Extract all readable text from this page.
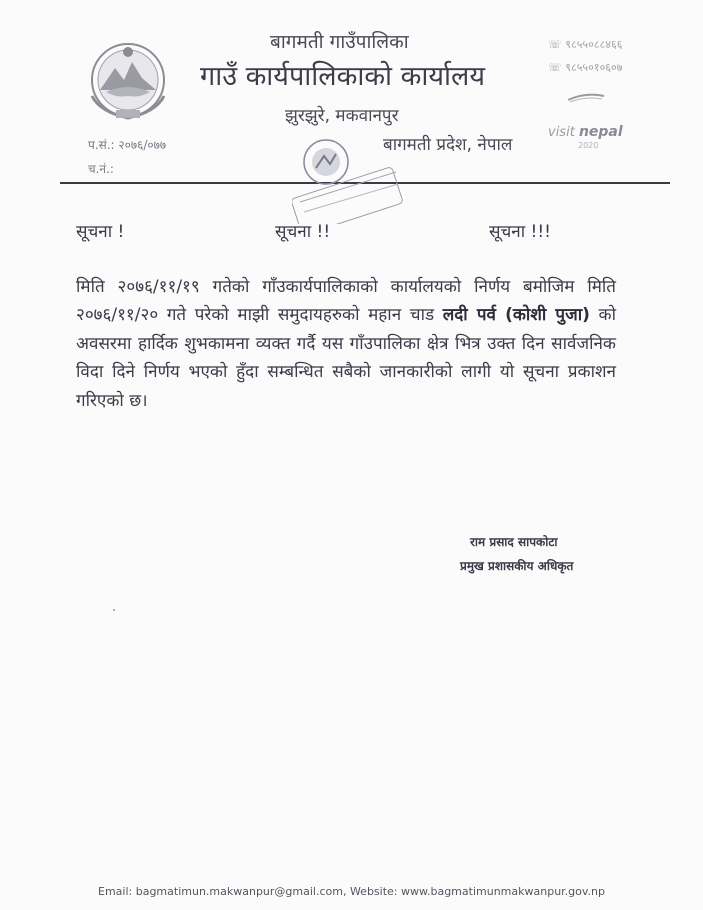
बागमती गाउँपालिका
गाउँ कार्यपालिकाको कार्यालय
झुरझुरे, मकवानपुर
बागमती प्रदेश, नेपाल
प.सं.: २०७६/०७७
च.नं.:
☏ ९८५५०८८४६६
☏ ९८५५०१०६०७
visit nepal
2020
सूचना !	सूचना !!	सूचना !!!
मिति २०७६/११/१९ गतेको गाँउकार्यपालिकाको कार्यालयको निर्णय बमोजिम मिति २०७६/११/२० गते परेको माझी समुदायहरुको महान चाड लदी पर्व (कोशी पुजा) को अवसरमा हार्दिक शुभकामना व्यक्त गर्दै यस गाँउपालिका क्षेत्र भित्र उक्त दिन सार्वजनिक विदा दिने निर्णय भएको हुँदा सम्बन्धित सबैको जानकारीको लागी यो सूचना प्रकाशन गरिएको छ।
राम प्रसाद सापकोटा
प्रमुख प्रशासकीय अधिकृत
Email: bagmatimun.makwanpur@gmail.com, Website: www.bagmatimunmakwanpur.gov.np
